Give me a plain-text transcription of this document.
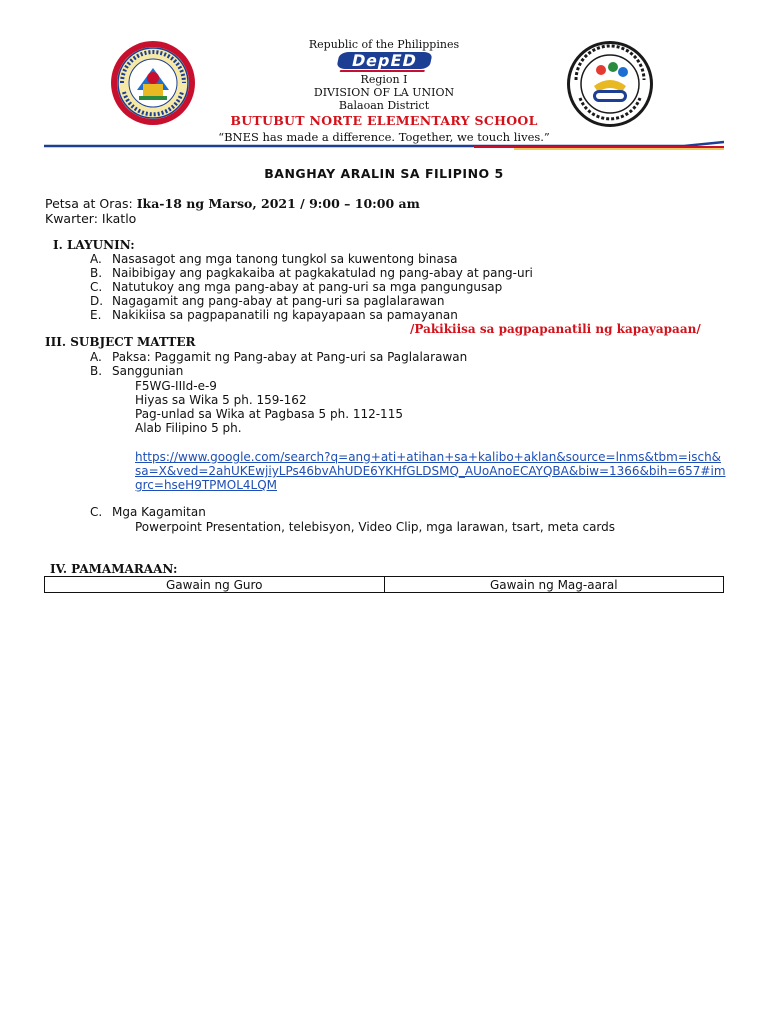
Republic of the Philippines
DepED
Region I
DIVISION OF LA UNION
Balaoan District
BUTUBUT NORTE ELEMENTARY SCHOOL
“BNES has made a difference. Together, we touch lives.”
BANGHAY ARALIN SA FILIPINO 5
Petsa at Oras: Ika-18 ng Marso, 2021 / 9:00 – 10:00 am
Kwarter: Ikatlo
I. LAYUNIN:
A. Nasasagot ang mga tanong tungkol sa kuwentong binasa
B. Naibibigay ang pagkakaiba at pagkakatulad ng pang-abay at pang-uri
C. Natutukoy ang mga pang-abay at pang-uri sa mga pangungusap
D. Nagagamit ang pang-abay at pang-uri sa paglalarawan
E. Nakikiisa sa pagpapanatili ng kapayapaan sa pamayanan
/Pakikiisa sa pagpapanatili ng kapayapaan/
III. SUBJECT MATTER
A. Paksa: Paggamit ng Pang-abay at Pang-uri sa Paglalarawan
B. Sanggunian
F5WG-IIId-e-9
Hiyas sa Wika 5 ph. 159-162
Pag-unlad sa Wika at Pagbasa 5 ph. 112-115
Alab Filipino 5 ph.
https://www.google.com/search?q=ang+ati+atihan+sa+kalibo+aklan&source=lnms&tbm=isch&sa=X&ved=2ahUKEwjiyLPs46bvAhUDE6YKHfGLDSMQ_AUoAnoECAYQBA&biw=1366&bih=657#imgrc=hseH9TPMOL4LQM
C. Mga Kagamitan
Powerpoint Presentation, telebisyon, Video Clip, mga larawan, tsart, meta cards
IV. PAMAMARAAN:
Gawain ng Guro	Gawain ng Mag-aaral
